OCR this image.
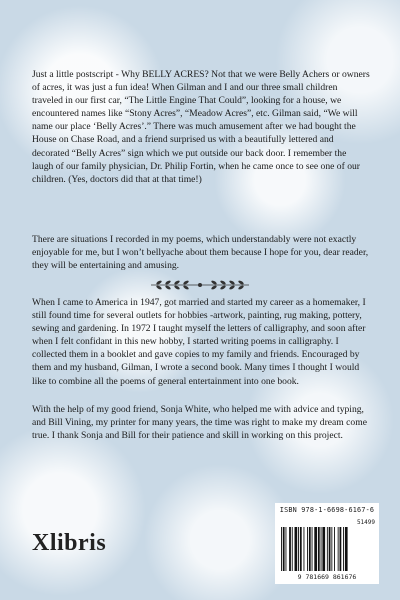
Just a little postscript - Why BELLY ACRES? Not that we were Belly Achers or owners of acres, it was just a fun idea! When Gilman and I and our three small children traveled in our first car, “The Little Engine That Could”, looking for a house, we encountered names like “Stony Acres”, “Meadow Acres”, etc. Gilman said, “We will name our place ‘Belly Acres’.” There was much amusement after we had bought the House on Chase Road, and a friend surprised us with a beautifully lettered and decorated “Belly Acres” sign which we put outside our back door. I remember the laugh of our family physician, Dr. Philip Fortin, when he came once to see one of our children. (Yes, doctors did that at that time!)

There are situations I recorded in my poems, which understandably were not exactly enjoyable for me, but I won’t bellyache about them because I hope for you, dear reader, they will be entertaining and amusing.

When I came to America in 1947, got married and started my career as a homemaker, I still found time for several outlets for hobbies -artwork, painting, rug making, pottery, sewing and gardening. In 1972 I taught myself the letters of calligraphy, and soon after when I felt confidant in this new hobby, I started writing poems in calligraphy. I collected them in a booklet and gave copies to my family and friends. Encouraged by them and my husband, Gilman, I wrote a second book. Many times I thought I would like to combine all the poems of general entertainment into one book.

With the help of my good friend, Sonja White, who helped me with advice and typing, and Bill Vining, my printer for many years, the time was right to make my dream come true. I thank Sonja and Bill for their patience and skill in working on this project.

ISBN 978-1-6698-6167-6
51499
9 781669 861676
Xlibris
